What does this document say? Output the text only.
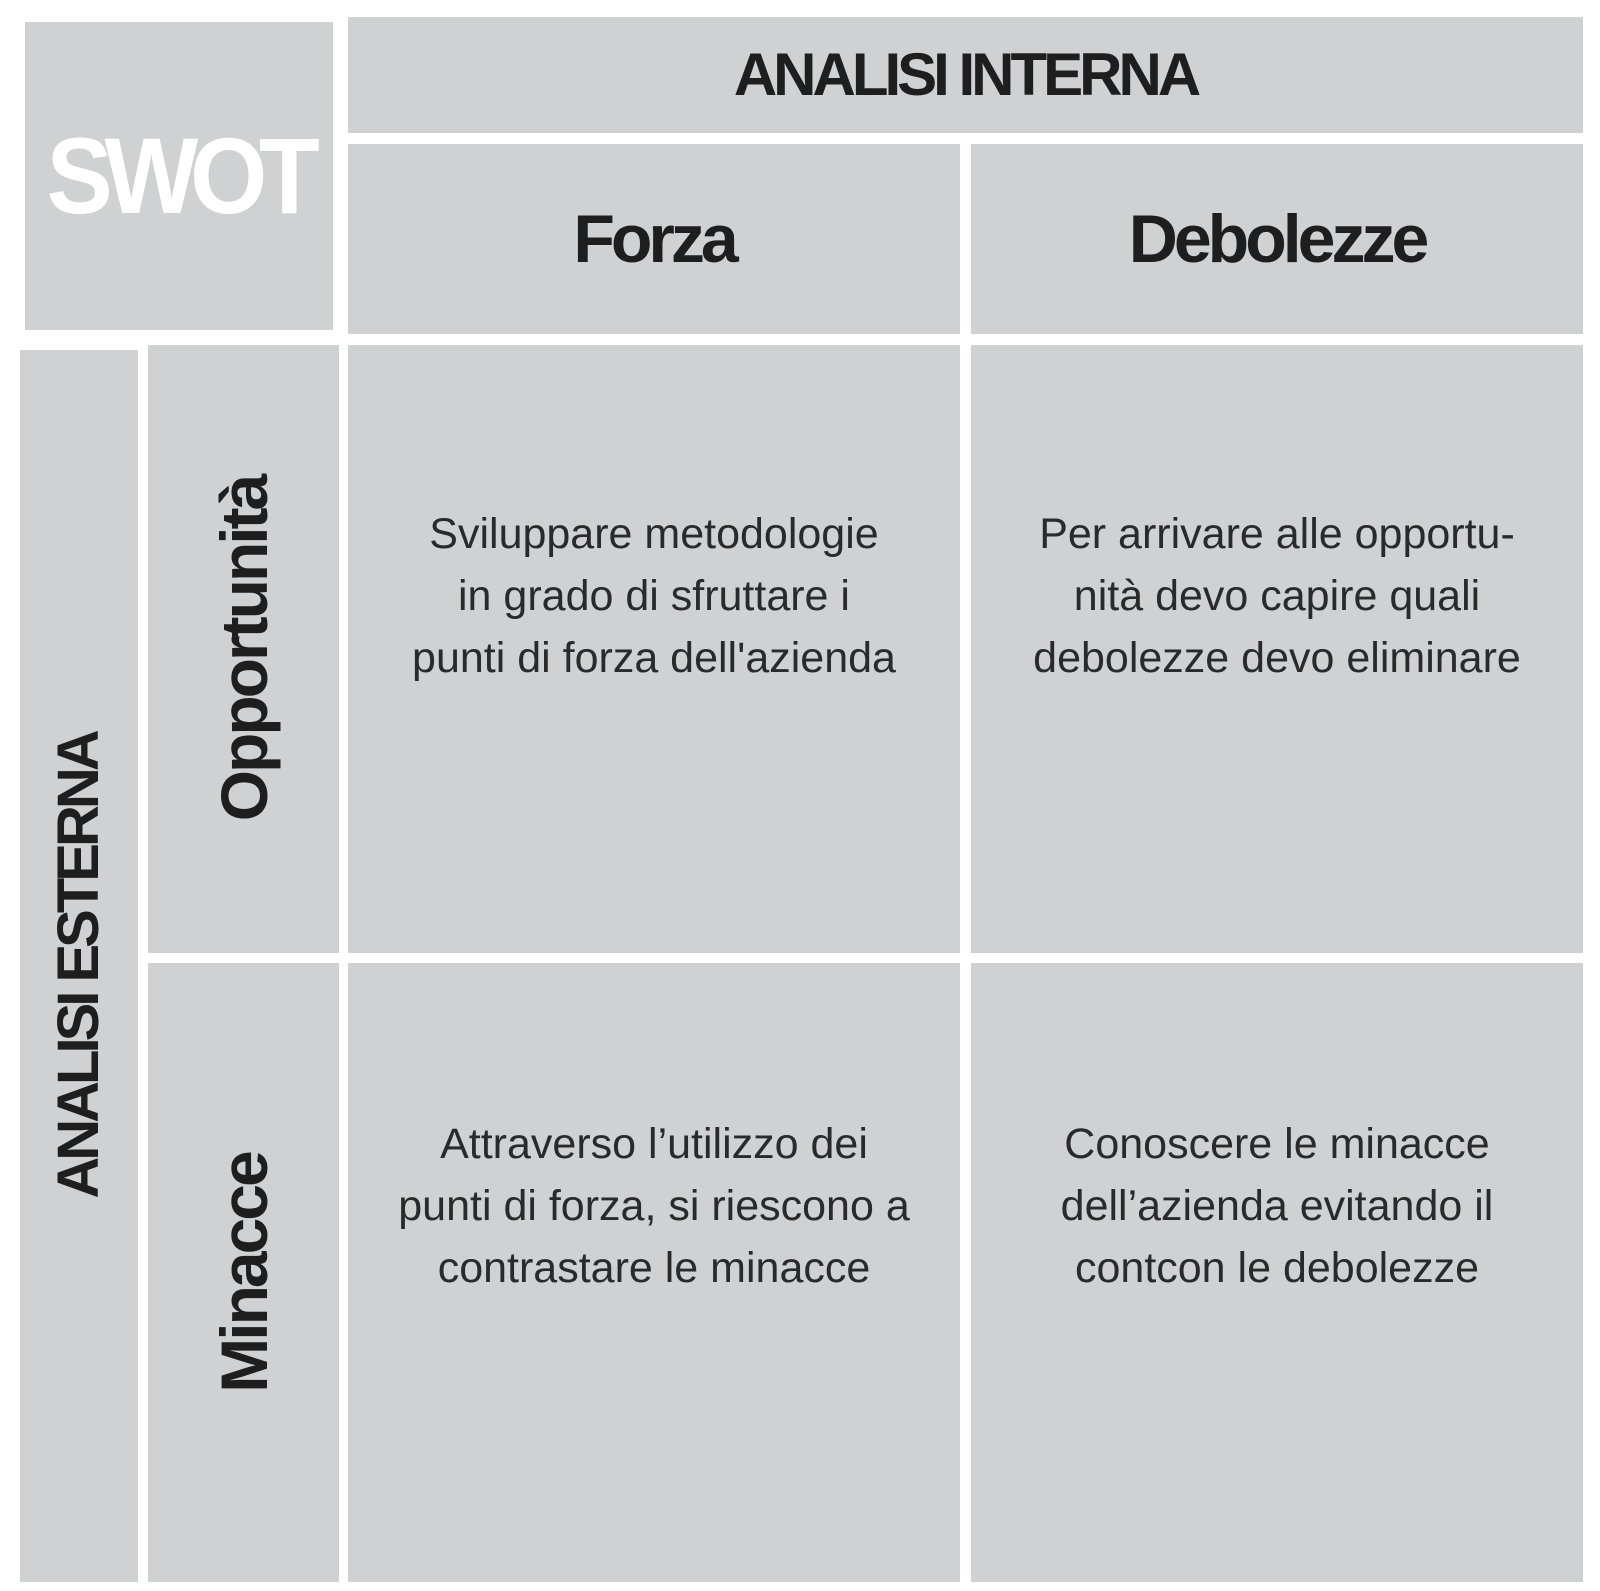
SWOT
ANALISI INTERNA
Forza	Debolezze
ANALISI ESTERNA
Opportunità
Minacce

Sviluppare metodologie
in grado di sfruttare i
punti di forza dell'azienda

Per arrivare alle opportu-
nità devo capire quali
debolezze devo eliminare

Attraverso l’utilizzo dei
punti di forza, si riescono a
contrastare le minacce

Conoscere le minacce
dell’azienda evitando il
contcon le debolezze
